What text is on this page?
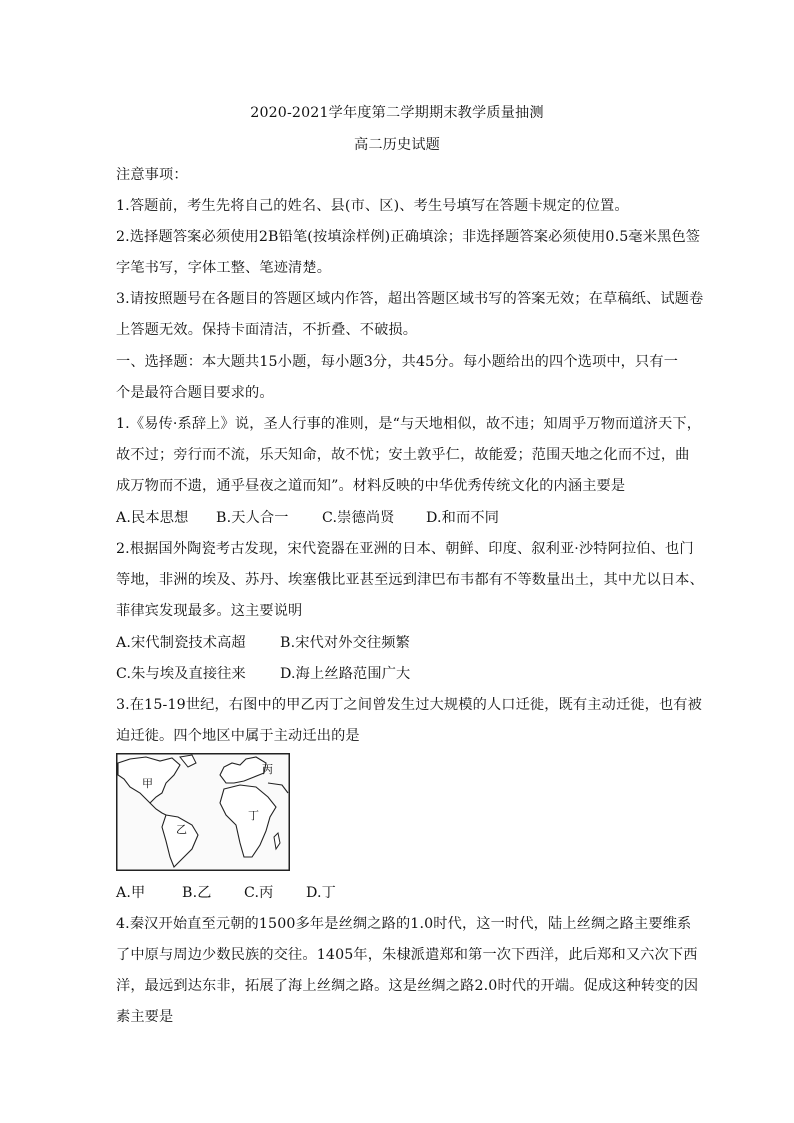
2020-2021学年度第二学期期末教学质量抽测
高二历史试题
注意事项：
1.答题前，考生先将自己的姓名、县(市、区)、考生号填写在答题卡规定的位置。
2.选择题答案必须使用2B铅笔(按填涂样例)正确填涂；非选择题答案必须使用0.5毫米黑色签
字笔书写，字体工整、笔迹清楚。
3.请按照题号在各题目的答题区域内作答，超出答题区域书写的答案无效；在草稿纸、试题卷
上答题无效。保持卡面清洁，不折叠、不破损。
一、选择题：本大题共15小题，每小题3分，共45分。每小题给出的四个选项中，只有一
个是最符合题目要求的。
1.《易传·系辞上》说，圣人行事的准则，是“与天地相似，故不违；知周乎万物而道济天下，
故不过；旁行而不流，乐天知命，故不忧；安土敦乎仁，故能爱；范围天地之化而不过，曲
成万物而不遗，通乎昼夜之道而知”。材料反映的中华优秀传统文化的内涵主要是
A.民本思想 B.天人合一 C.崇德尚贤 D.和而不同
2.根据国外陶瓷考古发现，宋代瓷器在亚洲的日本、朝鲜、印度、叙利亚·沙特阿拉伯、也门
等地，非洲的埃及、苏丹、埃塞俄比亚甚至远到津巴布韦都有不等数量出土，其中尤以日本、
菲律宾发现最多。这主要说明
A.宋代制瓷技术高超 B.宋代对外交往频繁
C.朱与埃及直接往来 D.海上丝路范围广大
3.在15-19世纪，右图中的甲乙丙丁之间曾发生过大规模的人口迁徙，既有主动迁徙，也有被
迫迁徙。四个地区中属于主动迁出的是
甲
乙
丙
丁
A.甲	B.乙 C.丙 D.丁
4.秦汉开始直至元朝的1500多年是丝绸之路的1.0时代，这一时代，陆上丝绸之路主要维系
了中原与周边少数民族的交往。1405年，朱棣派遣郑和第一次下西洋，此后郑和又六次下西
洋，最远到达东非，拓展了海上丝绸之路。这是丝绸之路2.0时代的开端。促成这种转变的因
素主要是
